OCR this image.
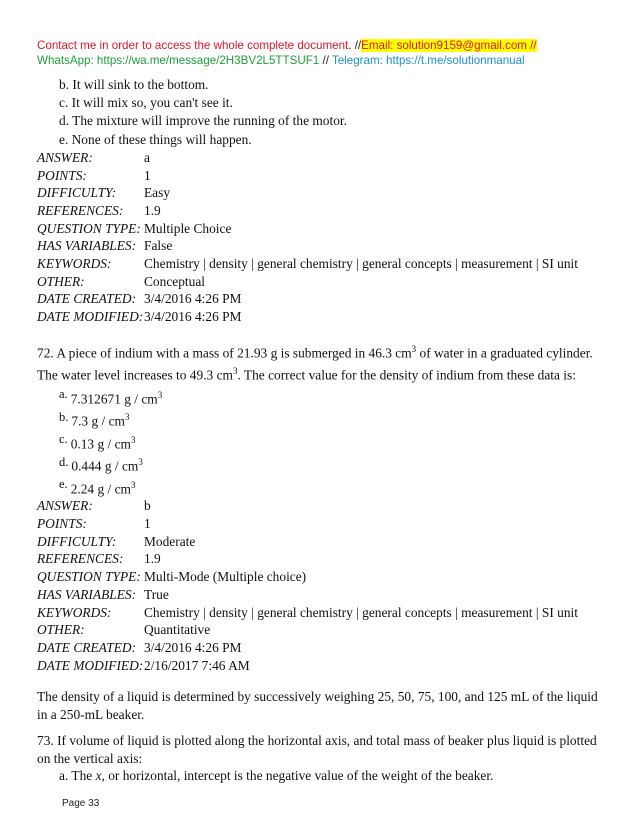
Contact me in order to access the whole complete document. //Email: solution9159@gmail.com //
WhatsApp: https://wa.me/message/2H3BV2L5TTSUF1 // Telegram: https://t.me/solutionmanual
b. It will sink to the bottom.
c. It will mix so, you can't see it.
d. The mixture will improve the running of the motor.
e. None of these things will happen.
ANSWER:	a
POINTS:	1
DIFFICULTY:	Easy
REFERENCES:	1.9
QUESTION TYPE: Multiple Choice
HAS VARIABLES: False
KEYWORDS:	Chemistry | density | general chemistry | general concepts | measurement | SI unit
OTHER:	Conceptual
DATE CREATED: 3/4/2016 4:26 PM
DATE MODIFIED: 3/4/2016 4:26 PM
72. A piece of indium with a mass of 21.93 g is submerged in 46.3 $cm^3$ of water in a graduated cylinder. The water level increases to 49.3 $cm^3$. The correct value for the density of indium from these data is:
a. 7.312671 g / $cm^3$
b. 7.3 g / $cm^3$
c. 0.13 g / $cm^3$
d. 0.444 g / $cm^3$
e. 2.24 g / $cm^3$
ANSWER:	b
POINTS:	1
DIFFICULTY:	Moderate
REFERENCES:	1.9
QUESTION TYPE: Multi-Mode (Multiple choice)
HAS VARIABLES: True
KEYWORDS:	Chemistry | density | general chemistry | general concepts | measurement | SI unit
OTHER:	Quantitative
DATE CREATED: 3/4/2016 4:26 PM
DATE MODIFIED: 2/16/2017 7:46 AM
The density of a liquid is determined by successively weighing 25, 50, 75, 100, and 125 mL of the liquid in a 250-mL beaker.
73. If volume of liquid is plotted along the horizontal axis, and total mass of beaker plus liquid is plotted on the vertical axis:
a. The x, or horizontal, intercept is the negative value of the weight of the beaker.
Page 33
